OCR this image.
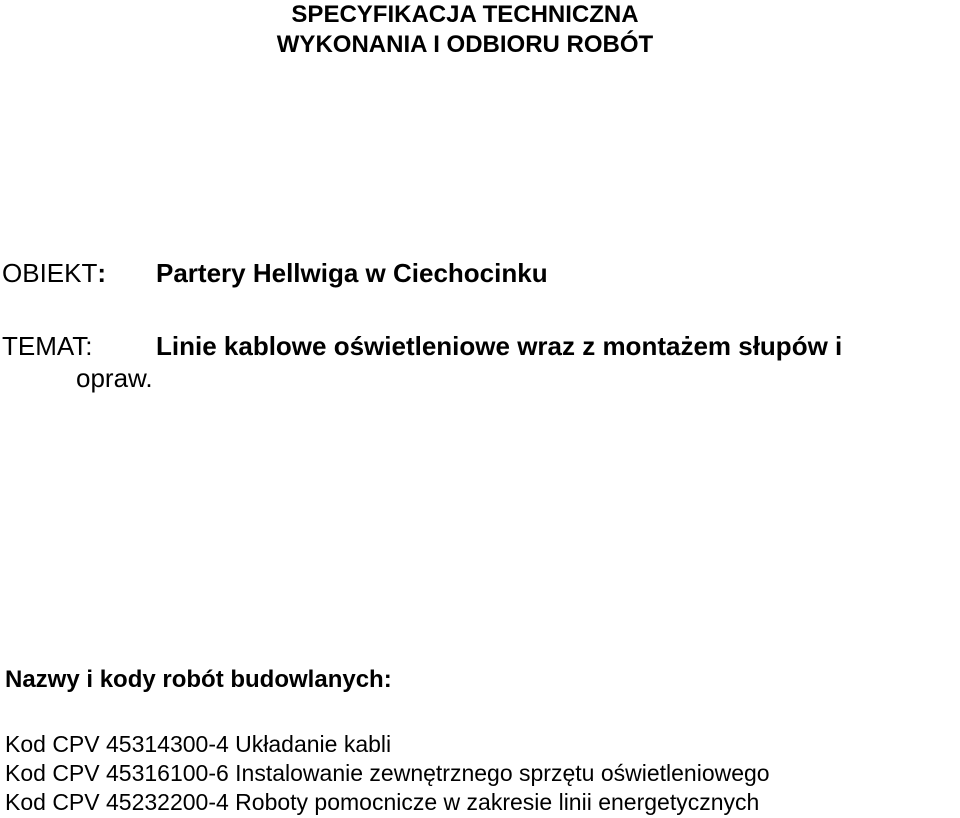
SPECYFIKACJA TECHNICZNA
WYKONANIA I ODBIORU ROBÓT
OBIEKT: Partery Hellwiga w Ciechocinku
TEMAT: Linie kablowe oświetleniowe wraz z montażem słupów i
opraw.
Nazwy i kody robót budowlanych:
Kod CPV 45314300-4 Układanie kabli
Kod CPV 45316100-6 Instalowanie zewnętrznego sprzętu oświetleniowego
Kod CPV 45232200-4 Roboty pomocnicze w zakresie linii energetycznych
